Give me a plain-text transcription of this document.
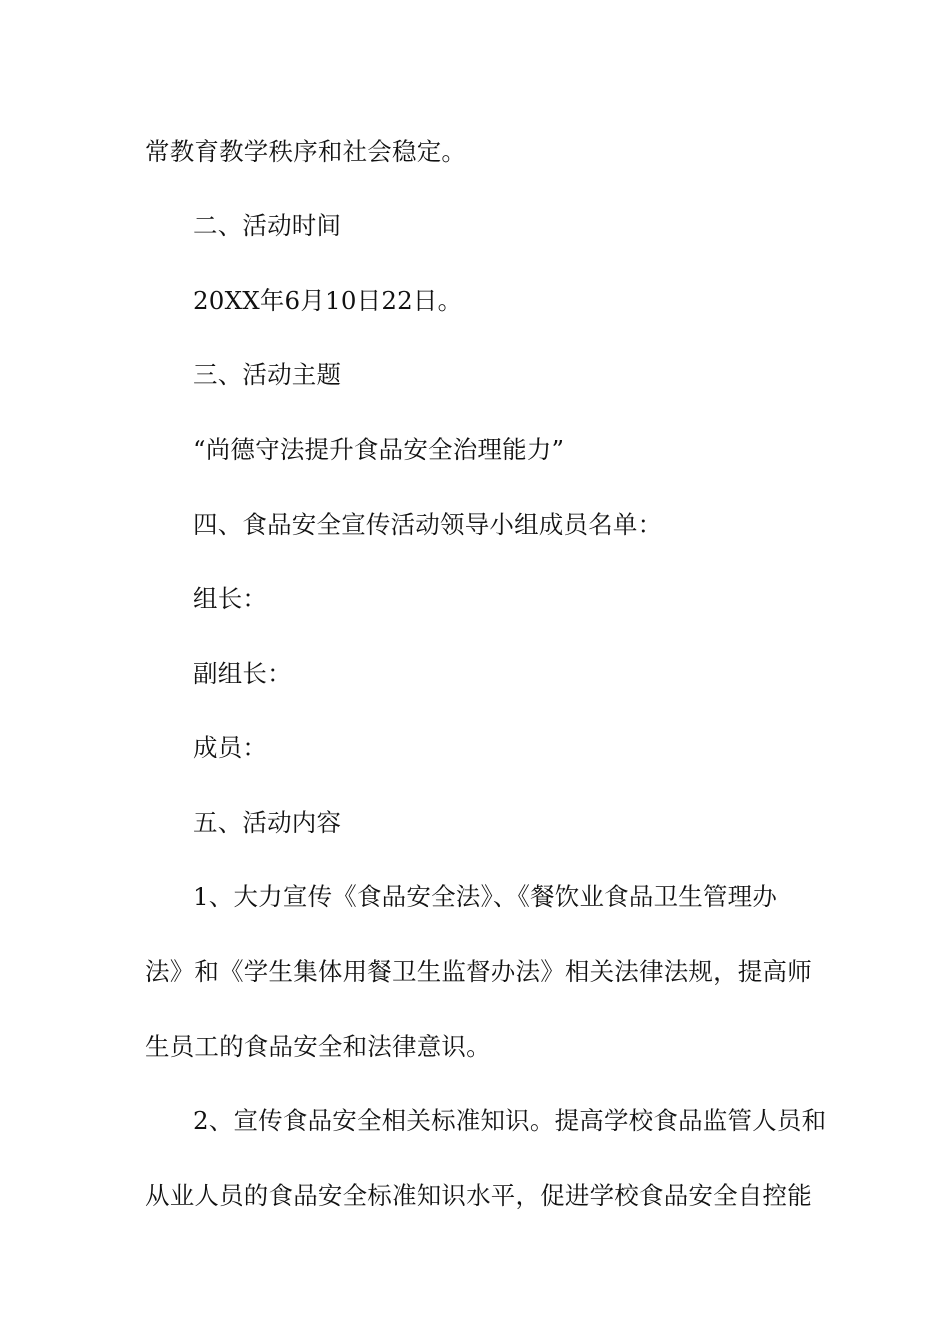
常教育教学秩序和社会稳定。
二、活动时间
20XX年6月10日22日。
三、活动主题
“尚德守法提升食品安全治理能力”
四、食品安全宣传活动领导小组成员名单：
组长：
副组长：
成员：
五、活动内容
1、大力宣传《食品安全法》、《餐饮业食品卫生管理办
法》和《学生集体用餐卫生监督办法》相关法律法规，提高师
生员工的食品安全和法律意识。
2、宣传食品安全相关标准知识。提高学校食品监管人员和
从业人员的食品安全标准知识水平，促进学校食品安全自控能
